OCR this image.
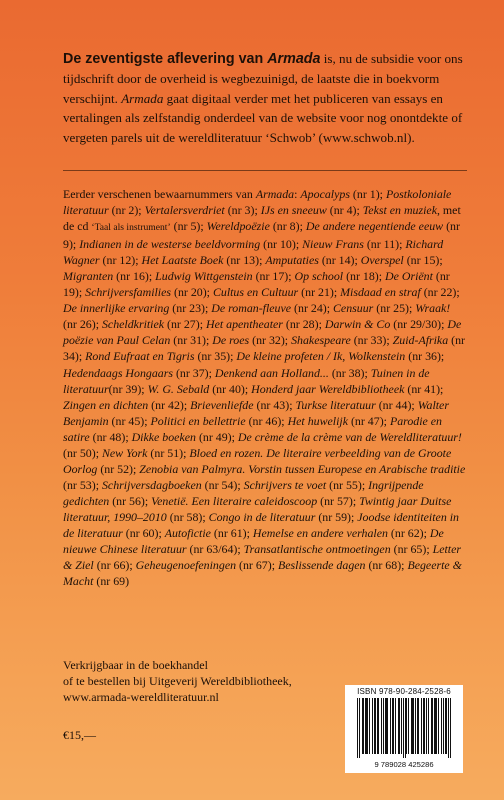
De zeventigste aflevering van Armada is, nu de subsidie voor ons tijdschrift door de overheid is wegbezuinigd, de laatste die in boekvorm verschijnt. Armada gaat digitaal verder met het publiceren van essays en vertalingen als zelfstandig onderdeel van de website voor nog onontdekte of vergeten parels uit de wereldliteratuur ‘Schwob’ (www.schwob.nl).
Eerder verschenen bewaarnummers van Armada: Apocalyps (nr 1); Postkoloniale literatuur (nr 2); Vertalersverdriet (nr 3); IJs en sneeuw (nr 4); Tekst en muziek, met de cd ‘Taal als instrument’ (nr 5); Wereldpoëzie (nr 8); De andere negentiende eeuw (nr 9); Indianen in de westerse beeldvorming (nr 10); Nieuw Frans (nr 11); Richard Wagner (nr 12); Het Laatste Boek (nr 13); Amputaties (nr 14); Overspel (nr 15); Migranten (nr 16); Ludwig Wittgenstein (nr 17); Op school (nr 18); De Oriënt (nr 19); Schrijversfamilies (nr 20); Cultus en Cultuur (nr 21); Misdaad en straf (nr 22); De innerlijke ervaring (nr 23); De roman-fleuve (nr 24); Censuur (nr 25); Wraak! (nr 26); Scheldkritiek (nr 27); Het apentheater (nr 28); Darwin & Co (nr 29/30); De poëzie van Paul Celan (nr 31); De roes (nr 32); Shakespeare (nr 33); Zuid-Afrika (nr 34); Rond Eufraat en Tigris (nr 35); De kleine profeten / Ik, Wolkenstein (nr 36); Hedendaags Hongaars (nr 37); Denkend aan Holland... (nr 38); Tuinen in de literatuur(nr 39); W. G. Sebald (nr 40); Honderd jaar Wereldbibliotheek (nr 41); Zingen en dichten (nr 42); Brievenliefde (nr 43); Turkse literatuur (nr 44); Walter Benjamin (nr 45); Politici en bellettrie (nr 46); Het huwelijk (nr 47); Parodie en satire (nr 48); Dikke boeken (nr 49); De crème de la crème van de Wereldliteratuur! (nr 50); New York (nr 51); Bloed en rozen. De literaire verbeelding van de Groote Oorlog (nr 52); Zenobia van Palmyra. Vorstin tussen Europese en Arabische traditie (nr 53); Schrijversdagboeken (nr 54); Schrijvers te voet (nr 55); Ingrijpende gedichten (nr 56); Venetië. Een literaire caleidoscoop (nr 57); Twintig jaar Duitse literatuur, 1990–2010 (nr 58); Congo in de literatuur (nr 59); Joodse identiteiten in de literatuur (nr 60); Autofictie (nr 61); Hemelse en andere verhalen (nr 62); De nieuwe Chinese literatuur (nr 63/64); Transatlantische ontmoetingen (nr 65); Letter & Ziel (nr 66); Geheugenoefeningen (nr 67); Beslissende dagen (nr 68); Begeerte & Macht (nr 69)
Verkrijgbaar in de boekhandel
of te bestellen bij Uitgeverij Wereldbibliotheek,
www.armada-wereldliteratuur.nl
€15,—
ISBN 978-90-284-2528-6
9 789028 425286
